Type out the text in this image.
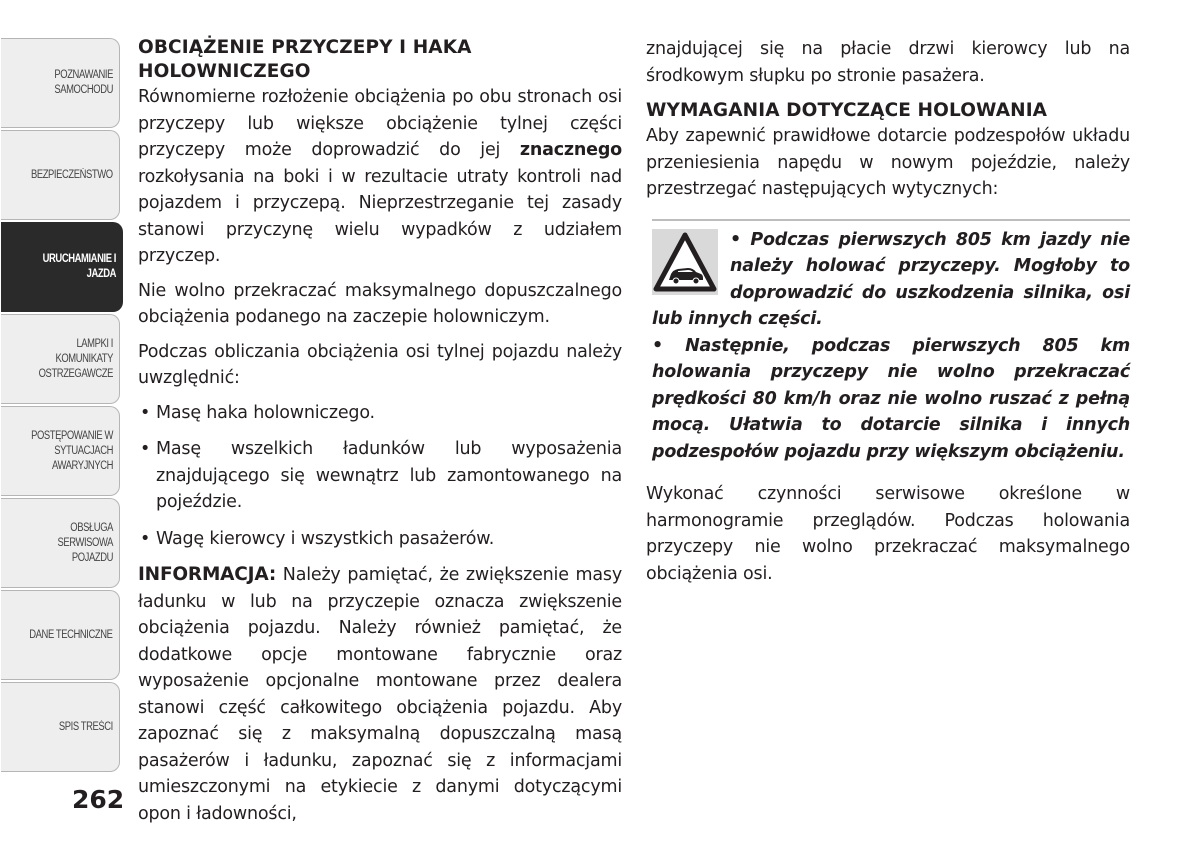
POZNAWANIE SAMOCHODU
BEZPIECZEŃSTWO
URUCHAMIANIE I JAZDA
LAMPKI I KOMUNIKATY OSTRZEGAWCZE
POSTĘPOWANIE W SYTUACJACH AWARYJNYCH
OBSŁUGA SERWISOWA POJAZDU
DANE TECHNICZNE
SPIS TREŚCI
262
OBCIĄŻENIE PRZYCZEPY I HAKA HOLOWNICZEGO

Równomierne rozłożenie obciążenia po obu stronach osi przyczepy lub większe obciążenie tylnej części przyczepy może doprowadzić do jej znacznego rozkołysania na boki i w rezultacie utraty kontroli nad pojazdem i przyczepą. Nieprzestrzeganie tej zasady stanowi przyczynę wielu wypadków z udziałem przyczep.

Nie wolno przekraczać maksymalnego dopuszczalnego obciążenia podanego na zaczepie holowniczym.

Podczas obliczania obciążenia osi tylnej pojazdu należy uwzględnić:

• Masę haka holowniczego.
• Masę wszelkich ładunków lub wyposażenia znajdującego się wewnątrz lub zamontowanego na pojeździe.
• Wagę kierowcy i wszystkich pasażerów.

INFORMACJA: Należy pamiętać, że zwiększenie masy ładunku w lub na przyczepie oznacza zwiększenie obciążenia pojazdu. Należy również pamiętać, że dodatkowe opcje montowane fabrycznie oraz wyposażenie opcjonalne montowane przez dealera stanowi część całkowitego obciążenia pojazdu. Aby zapoznać się z maksymalną dopuszczalną masą pasażerów i ładunku, zapoznać się z informacjami umieszczonymi na etykiecie z danymi dotyczącymi opon i ładowności,

znajdującej się na płacie drzwi kierowcy lub na środkowym słupku po stronie pasażera.

WYMAGANIA DOTYCZĄCE HOLOWANIA

Aby zapewnić prawidłowe dotarcie podzespołów układu przeniesienia napędu w nowym pojeździe, należy przestrzegać następujących wytycznych:

• Podczas pierwszych 805 km jazdy nie należy holować przyczepy. Mogłoby to doprowadzić do uszkodzenia silnika, osi lub innych części.

• Następnie, podczas pierwszych 805 km holowania przyczepy nie wolno przekraczać prędkości 80 km/h oraz nie wolno ruszać z pełną mocą. Ułatwia to dotarcie silnika i innych podzespołów pojazdu przy większym obciążeniu.

Wykonać czynności serwisowe określone w harmonogramie przeglądów. Podczas holowania przyczepy nie wolno przekraczać maksymalnego obciążenia osi.
